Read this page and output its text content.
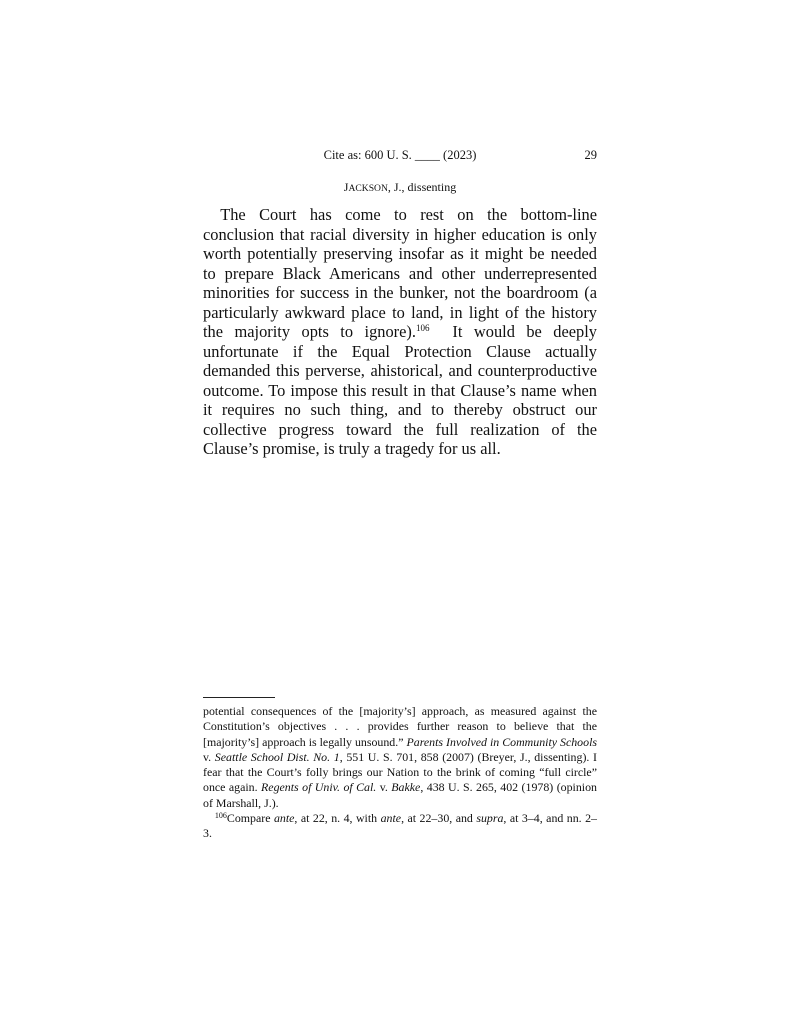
Cite as: 600 U. S. ____ (2023)	29
JACKSON, J., dissenting

The Court has come to rest on the bottom-line conclusion that racial diversity in higher education is only worth potentially preserving insofar as it might be needed to prepare Black Americans and other underrepresented minorities for success in the bunker, not the boardroom (a particularly awkward place to land, in light of the history the majority opts to ignore).$^{106}$  It would be deeply unfortunate if the Equal Protection Clause actually demanded this perverse, ahistorical, and counterproductive outcome. To impose this result in that Clause’s name when it requires no such thing, and to thereby obstruct our collective progress toward the full realization of the Clause’s promise, is truly a tragedy for us all.

potential consequences of the [majority’s] approach, as measured against the Constitution’s objectives . . . provides further reason to believe that the [majority’s] approach is legally unsound.” Parents Involved in Community Schools v. Seattle School Dist. No. 1, 551 U. S. 701, 858 (2007) (Breyer, J., dissenting). I fear that the Court’s folly brings our Nation to the brink of coming “full circle” once again. Regents of Univ. of Cal. v. Bakke, 438 U. S. 265, 402 (1978) (opinion of Marshall, J.).

$^{106}$Compare ante, at 22, n. 4, with ante, at 22–30, and supra, at 3–4, and nn. 2–3.
